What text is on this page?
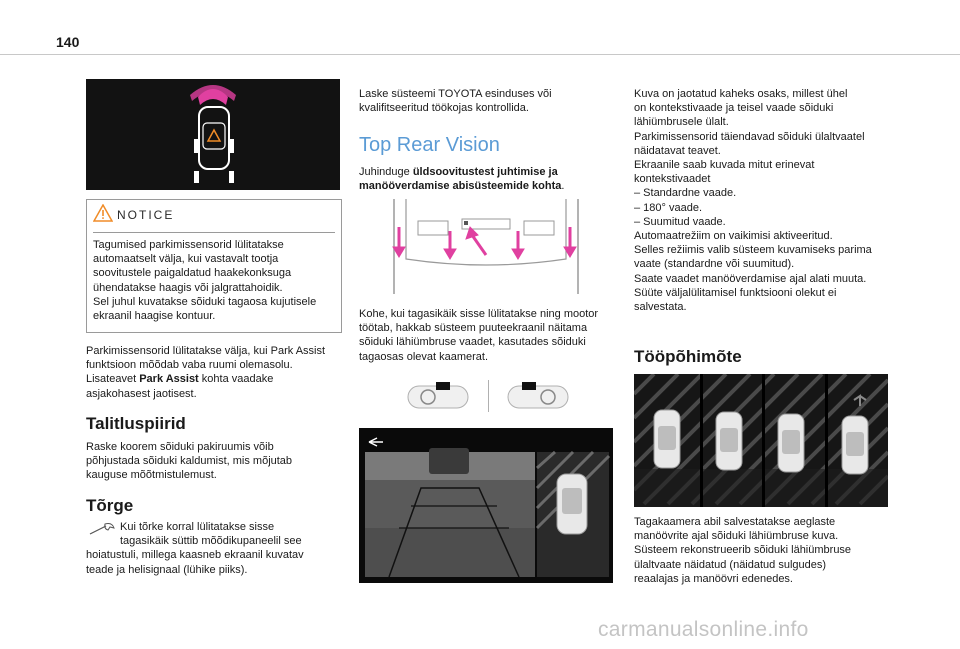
140
NOTICE
Tagumised parkimissensorid lülitatakse
automaatselt välja, kui vastavalt tootja
soovitustele paigaldatud haakekonksuga
ühendatakse haagis või jalgrattahoidik.
Sel juhul kuvatakse sõiduki tagaosa kujutisele
ekraanil haagise kontuur.
Parkimissensorid lülitatakse välja, kui Park Assist
funktsioon mõõdab vaba ruumi olemasolu.
Lisateavet Park Assist kohta vaadake
asjakohasest jaotisest.
Talitluspiirid
Raske koorem sõiduki pakiruumis võib
põhjustada sõiduki kaldumist, mis mõjutab
kauguse mõõtmistulemust.
Tõrge
Kui tõrke korral lülitatakse sisse
tagasikäik süttib mõõdikupaneelil see
hoiatustuli, millega kaasneb ekraanil kuvatav
teade ja helisignaal (lühike piiks).
Laske süsteemi TOYOTA esinduses või
kvalifitseeritud töökojas kontrollida.
Top Rear Vision
Juhinduge üldsoovitustest juhtimise ja
manööverdamise abisüsteemide kohta.
Kohe, kui tagasikäik sisse lülitatakse ning mootor
töötab, hakkab süsteem puuteekraanil näitama
sõiduki lähiümbruse vaadet, kasutades sõiduki
tagaosas olevat kaamerat.
Kuva on jaotatud kaheks osaks, millest ühel
on kontekstivaade ja teisel vaade sõiduki
lähiümbrusele ülalt.
Parkimissensorid täiendavad sõiduki ülaltvaatel
näidatavat teavet.
Ekraanile saab kuvada mitut erinevat
kontekstivaadet
– Standardne vaade.
– 180° vaade.
– Suumitud vaade.
Automaatrežiim on vaikimisi aktiveeritud.
Selles režiimis valib süsteem kuvamiseks parima
vaate (standardne või suumitud).
Saate vaadet manööverdamise ajal alati muuta.
Süüte väljalülitamisel funktsiooni olekut ei
salvestata.
Tööpõhimõte
Tagakaamera abil salvestatakse aeglaste
manöövrite ajal sõiduki lähiümbruse kuva.
Süsteem rekonstrueerib sõiduki lähiümbruse
ülaltvaate näidatud (näidatud sulgudes)
reaalajas ja manöövri edenedes.
carmanualsonline.info
